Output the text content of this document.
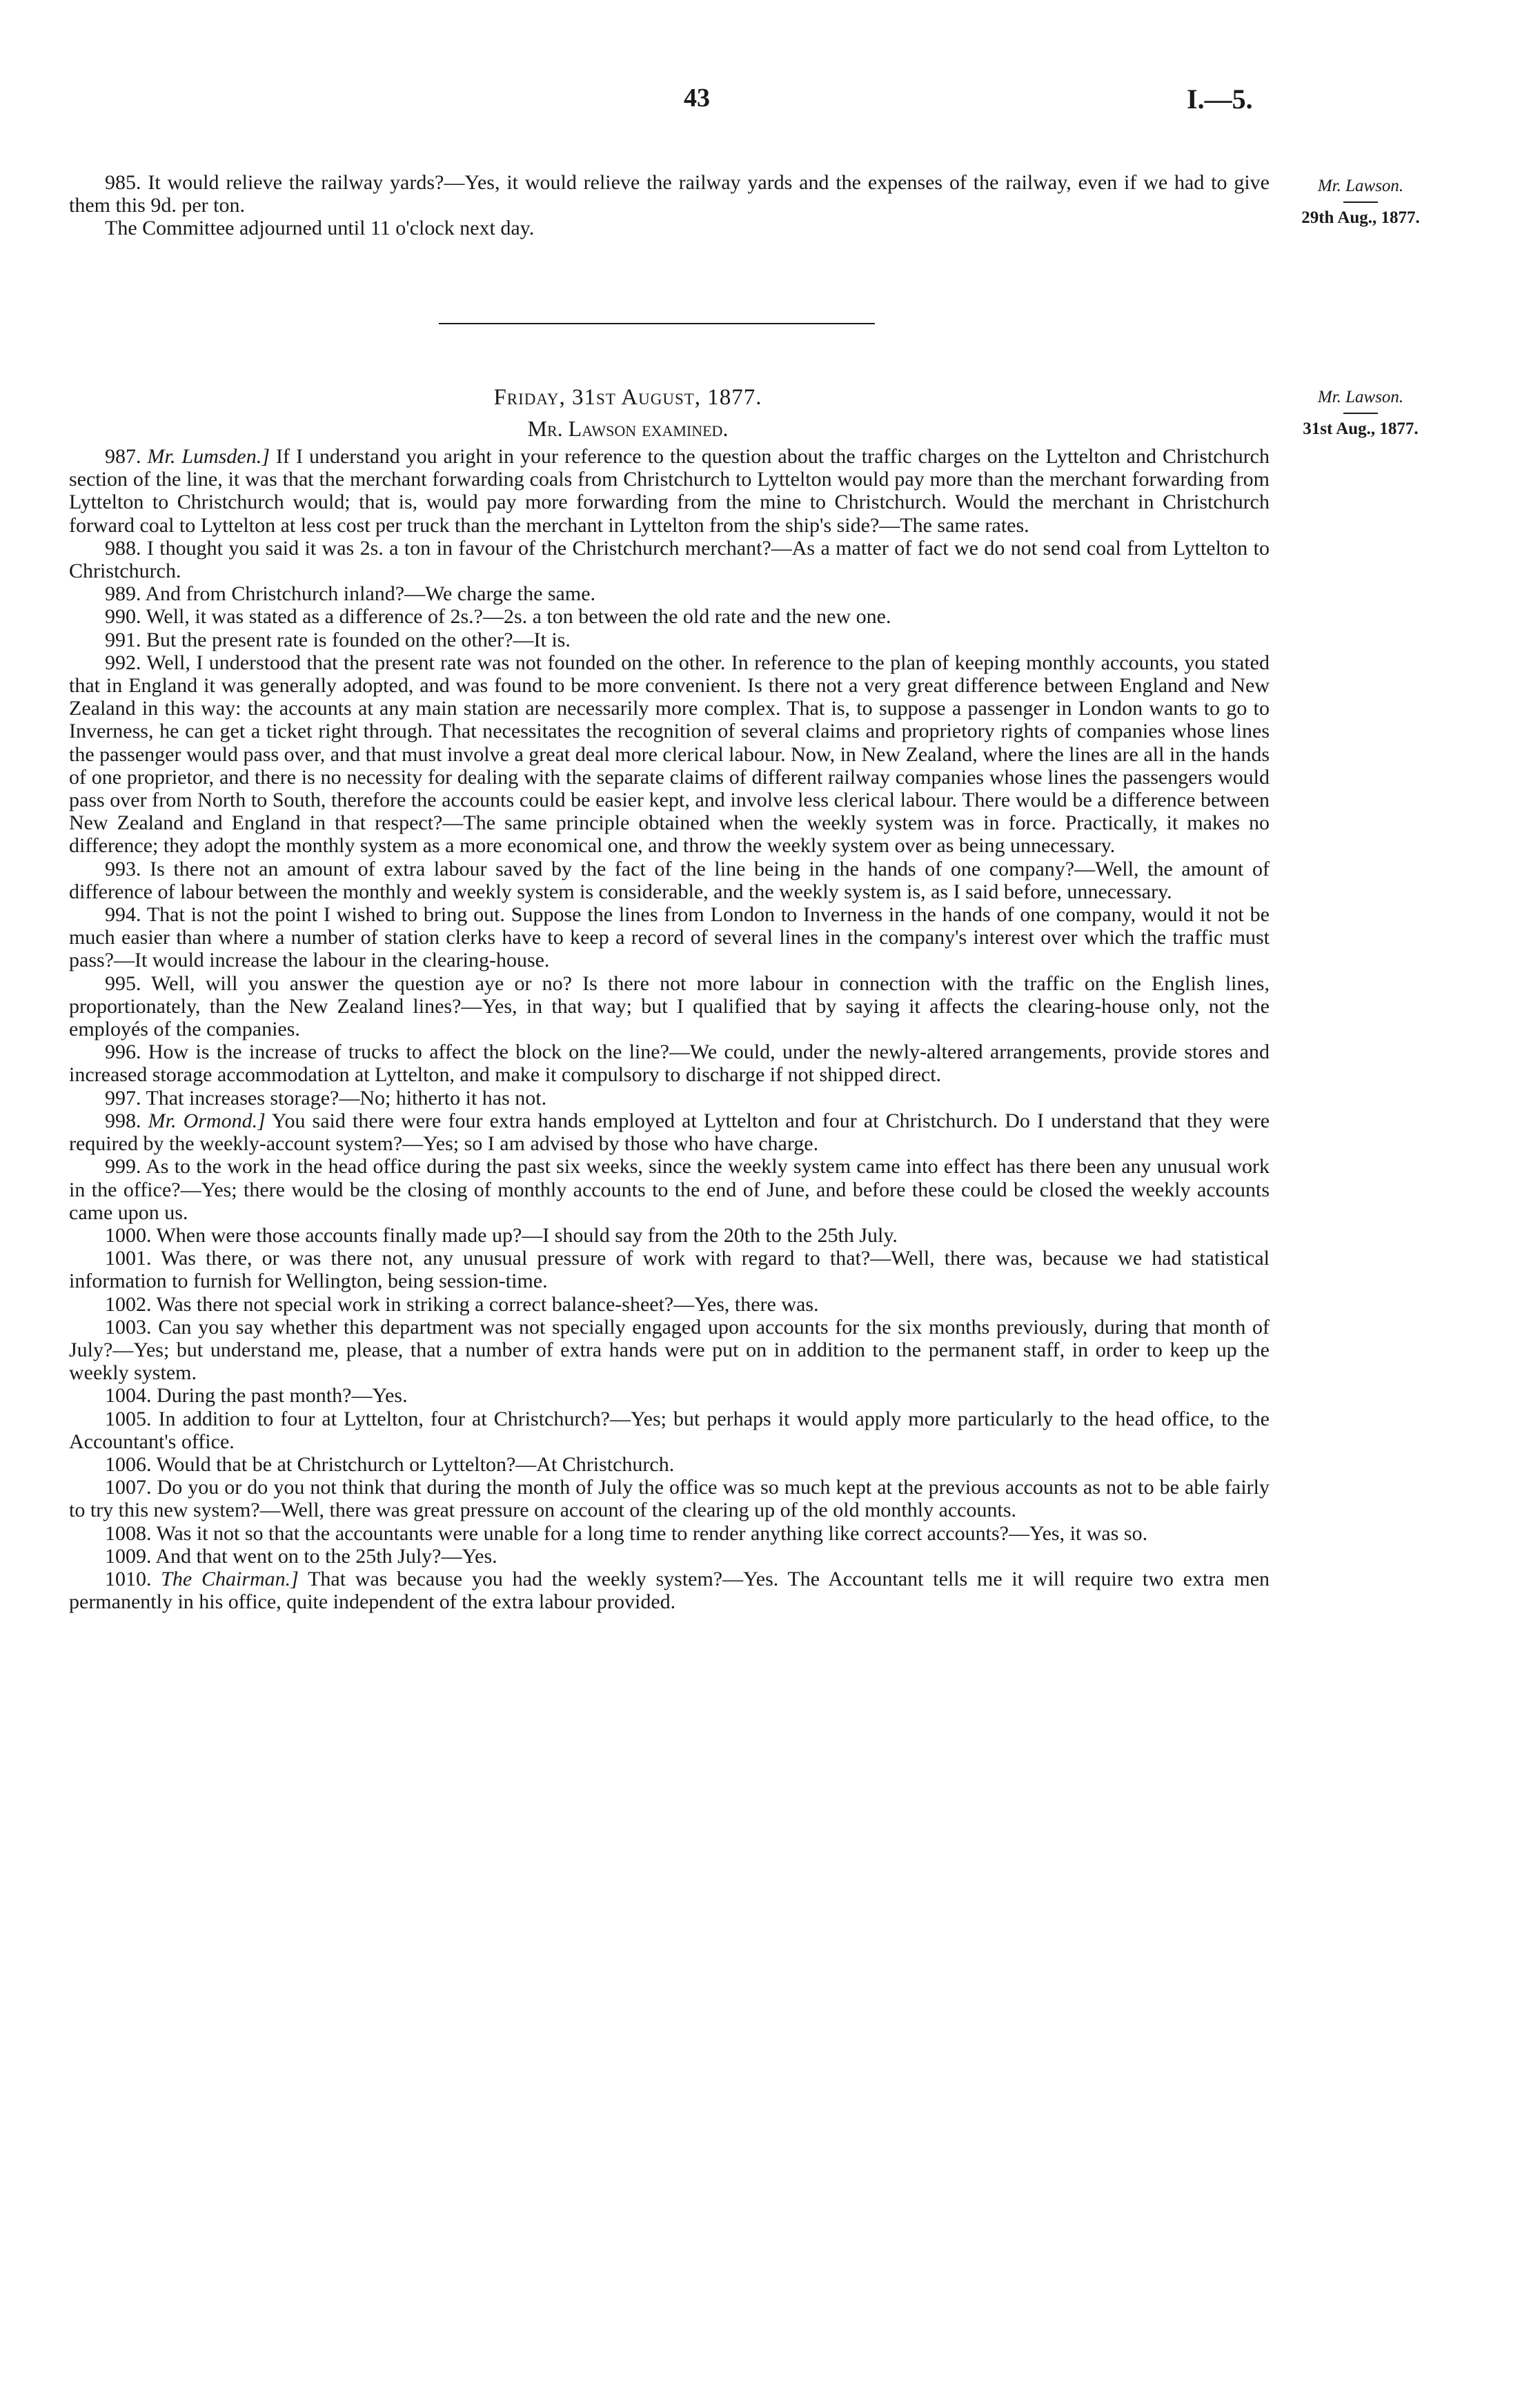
43	I.—5.

985. It would relieve the railway yards?—Yes, it would relieve the railway yards and the expenses of the railway, even if we had to give them this 9d. per ton.

The Committee adjourned until 11 o'clock next day.

Mr. Lawson.
29th Aug., 1877.
Friday, 31st August, 1877.
Mr. Lawson examined.
Mr. Lawson.
31st Aug., 1877.

987. Mr. Lumsden.] If I understand you aright in your reference to the question about the traffic charges on the Lyttelton and Christchurch section of the line, it was that the merchant forwarding coals from Christchurch to Lyttelton would pay more than the merchant forwarding from Lyttelton to Christchurch would; that is, would pay more forwarding from the mine to Christchurch. Would the merchant in Christchurch forward coal to Lyttelton at less cost per truck than the merchant in Lyttelton from the ship's side?—The same rates.

988. I thought you said it was 2s. a ton in favour of the Christchurch merchant?—As a matter of fact we do not send coal from Lyttelton to Christchurch.

989. And from Christchurch inland?—We charge the same.

990. Well, it was stated as a difference of 2s.?—2s. a ton between the old rate and the new one.

991. But the present rate is founded on the other?—It is.

992. Well, I understood that the present rate was not founded on the other. In reference to the plan of keeping monthly accounts, you stated that in England it was generally adopted, and was found to be more convenient. Is there not a very great difference between England and New Zealand in this way: the accounts at any main station are necessarily more complex. That is, to suppose a passenger in London wants to go to Inverness, he can get a ticket right through. That necessitates the recognition of several claims and proprietory rights of companies whose lines the passenger would pass over, and that must involve a great deal more clerical labour. Now, in New Zealand, where the lines are all in the hands of one proprietor, and there is no necessity for dealing with the separate claims of different railway companies whose lines the passengers would pass over from North to South, therefore the accounts could be easier kept, and involve less clerical labour. There would be a difference between New Zealand and England in that respect?—The same principle obtained when the weekly system was in force. Practically, it makes no difference; they adopt the monthly system as a more economical one, and throw the weekly system over as being unnecessary.

993. Is there not an amount of extra labour saved by the fact of the line being in the hands of one company?—Well, the amount of difference of labour between the monthly and weekly system is considerable, and the weekly system is, as I said before, unnecessary.

994. That is not the point I wished to bring out. Suppose the lines from London to Inverness in the hands of one company, would it not be much easier than where a number of station clerks have to keep a record of several lines in the company's interest over which the traffic must pass?—It would increase the labour in the clearing-house.

995. Well, will you answer the question aye or no? Is there not more labour in connection with the traffic on the English lines, proportionately, than the New Zealand lines?—Yes, in that way; but I qualified that by saying it affects the clearing-house only, not the employés of the companies.

996. How is the increase of trucks to affect the block on the line?—We could, under the newly-altered arrangements, provide stores and increased storage accommodation at Lyttelton, and make it compulsory to discharge if not shipped direct.

997. That increases storage?—No; hitherto it has not.

998. Mr. Ormond.] You said there were four extra hands employed at Lyttelton and four at Christchurch. Do I understand that they were required by the weekly-account system?—Yes; so I am advised by those who have charge.

999. As to the work in the head office during the past six weeks, since the weekly system came into effect has there been any unusual work in the office?—Yes; there would be the closing of monthly accounts to the end of June, and before these could be closed the weekly accounts came upon us.

1000. When were those accounts finally made up?—I should say from the 20th to the 25th July.

1001. Was there, or was there not, any unusual pressure of work with regard to that?—Well, there was, because we had statistical information to furnish for Wellington, being session-time.

1002. Was there not special work in striking a correct balance-sheet?—Yes, there was.

1003. Can you say whether this department was not specially engaged upon accounts for the six months previously, during that month of July?—Yes; but understand me, please, that a number of extra hands were put on in addition to the permanent staff, in order to keep up the weekly system.

1004. During the past month?—Yes.

1005. In addition to four at Lyttelton, four at Christchurch?—Yes; but perhaps it would apply more particularly to the head office, to the Accountant's office.

1006. Would that be at Christchurch or Lyttelton?—At Christchurch.

1007. Do you or do you not think that during the month of July the office was so much kept at the previous accounts as not to be able fairly to try this new system?—Well, there was great pressure on account of the clearing up of the old monthly accounts.

1008. Was it not so that the accountants were unable for a long time to render anything like correct accounts?—Yes, it was so.

1009. And that went on to the 25th July?—Yes.

1010. The Chairman.] That was because you had the weekly system?—Yes. The Accountant tells me it will require two extra men permanently in his office, quite independent of the extra labour provided.
